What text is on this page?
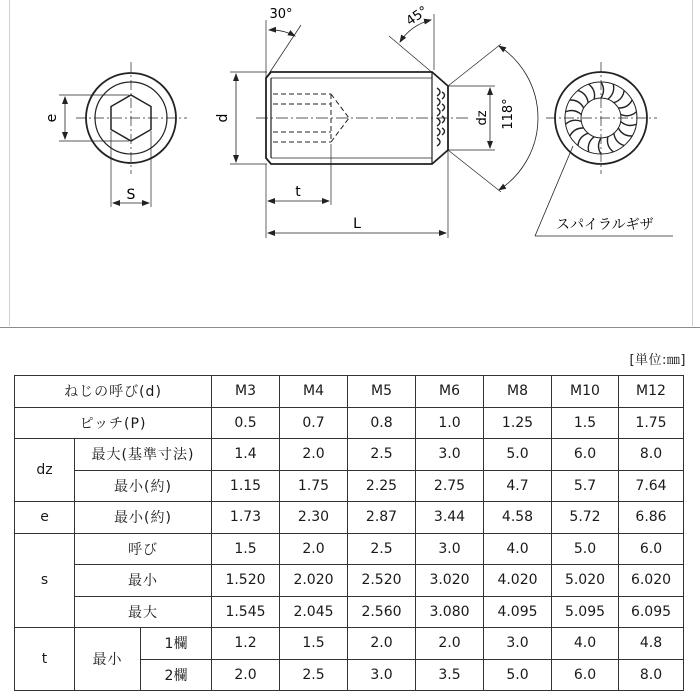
e
S
30°	45°
118°
d
t
L
dz
スパイラルギザ
[単位:㎜]
ねじの呼び(d)			M3	M4	M5	M6	M8	M10	M12
ピッチ(P)			0.5	0.7	0.8	1.0	1.25	1.5	1.75
dz	最大(基準寸法)		1.4	2.0	2.5	3.0	5.0	6.0	8.0
	最小(約)		1.15	1.75	2.25	2.75	4.7	5.7	7.64
e	最小(約)		1.73	2.30	2.87	3.44	4.58	5.72	6.86
s	呼び		1.5	2.0	2.5	3.0	4.0	5.0	6.0
	最小		1.520	2.020	2.520	3.020	4.020	5.020	6.020
	最大		1.545	2.045	2.560	3.080	4.095	5.095	6.095
t	最小	1欄	1.2	1.5	2.0	2.0	3.0	4.0	4.8
		2欄	2.0	2.5	3.0	3.5	5.0	6.0	8.0
